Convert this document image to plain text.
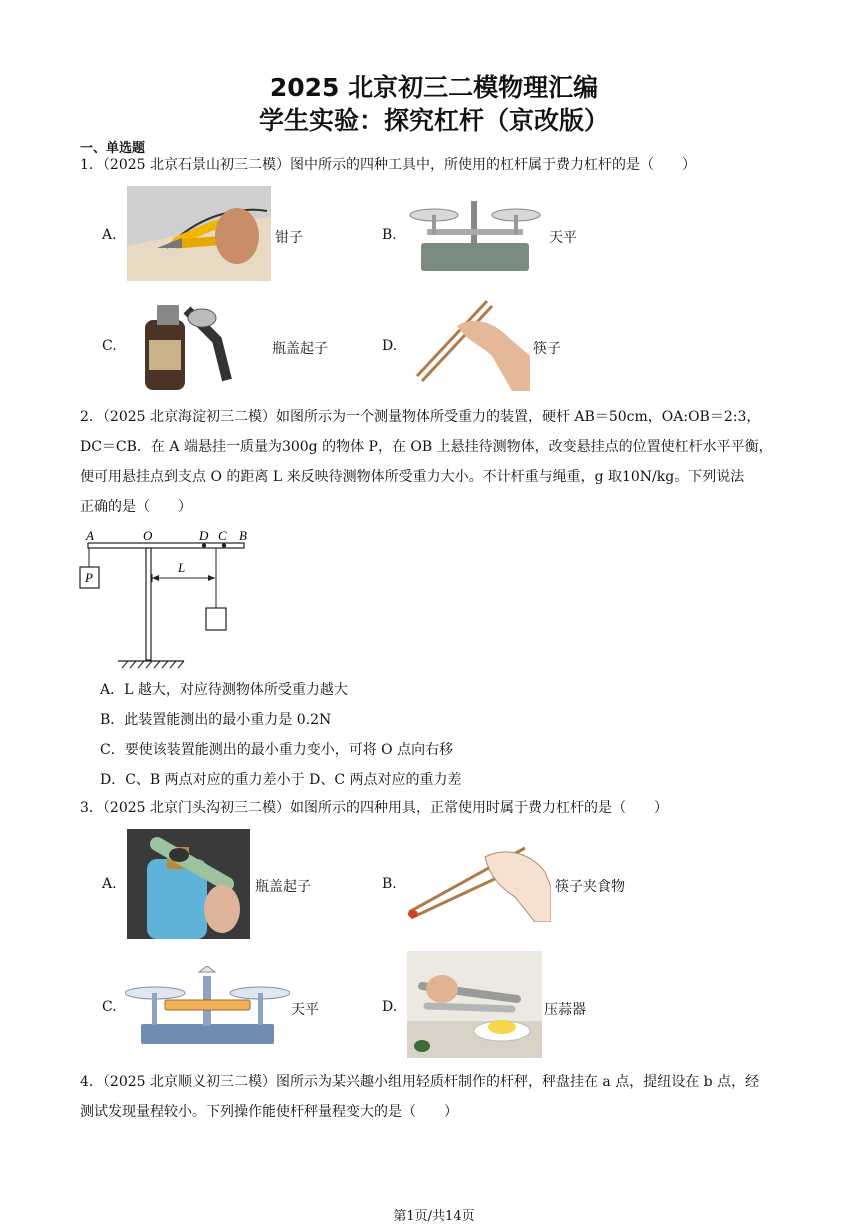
2025 北京初三二模物理汇编
学生实验：探究杠杆（京改版）
一、单选题
1．（2025 北京石景山初三二模）图中所示的四种工具中，所使用的杠杆属于费力杠杆的是（　　）
A.	钳子	B.	天平
C.	瓶盖起子	D.	筷子
2．（2025 北京海淀初三二模）如图所示为一个测量物体所受重力的装置，硬杆 AB＝50cm，OA:OB＝2:3，
DC＝CB．在 A 端悬挂一质量为300g 的物体 P，在 OB 上悬挂待测物体，改变悬挂点的位置使杠杆水平平衡，
便可用悬挂点到支点 O 的距离 L 来反映待测物体所受重力大小。不计杆重与绳重，g 取10N/kg。下列说法
正确的是（　　）
P
L
A	O	D C B
A．L 越大，对应待测物体所受重力越大
B．此装置能测出的最小重力是 0.2N
C．要使该装置能测出的最小重力变小，可将 O 点向右移
D．C、B 两点对应的重力差小于 D、C 两点对应的重力差
3．（2025 北京门头沟初三二模）如图所示的四种用具，正常使用时属于费力杠杆的是（　　）
A.	瓶盖起子	B.	筷子夹食物
C.	天平	D.	压蒜器
4．（2025 北京顺义初三二模）图所示为某兴趣小组用轻质杆制作的杆秤，秤盘挂在 a 点，提纽设在 b 点，经
测试发现量程较小。下列操作能使杆秤量程变大的是（　　）
第1页/共14页
